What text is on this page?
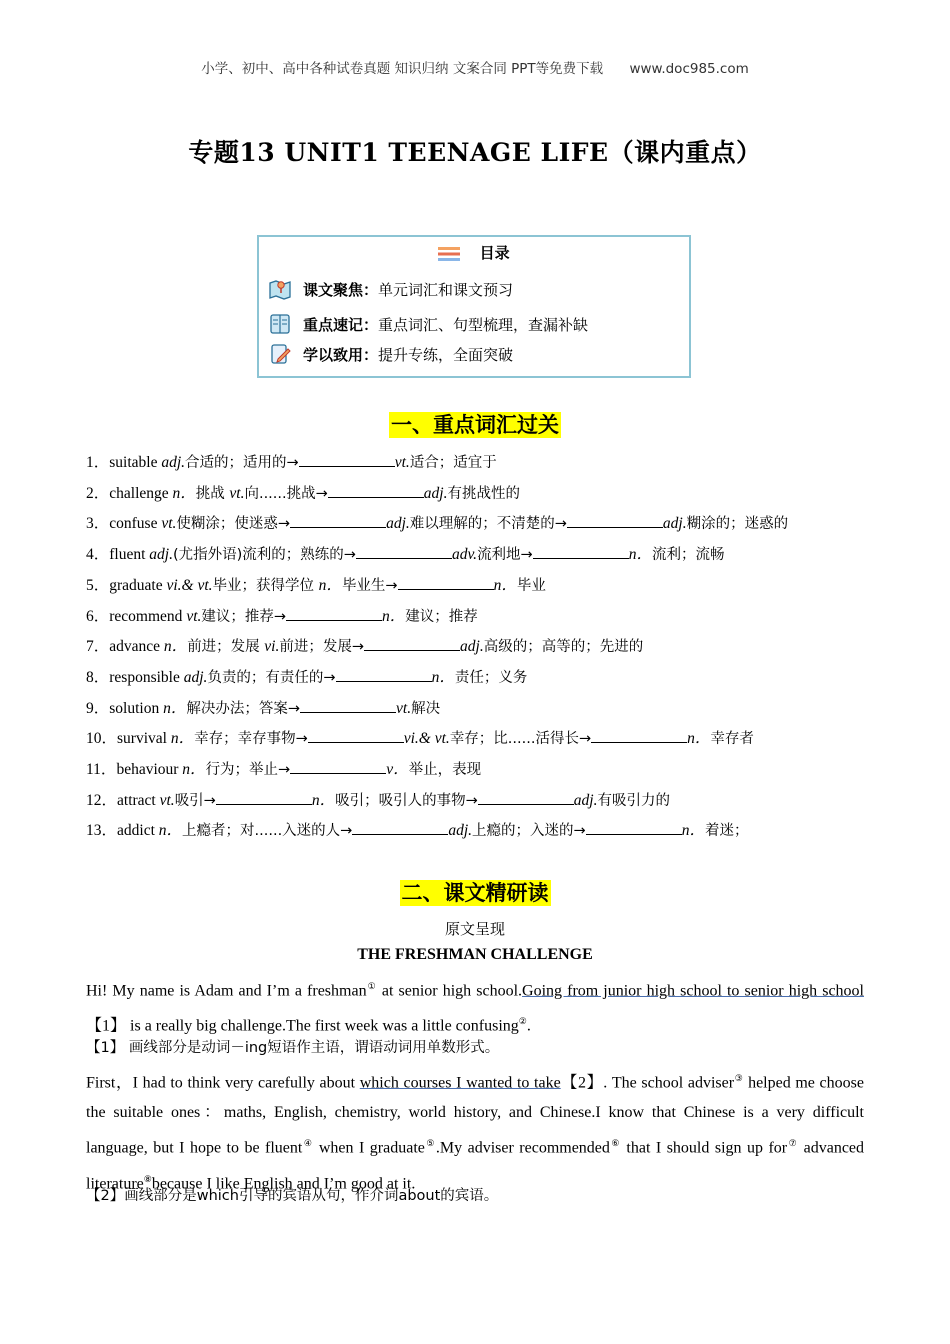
小学、初中、高中各种试卷真题 知识归纳 文案合同 PPT等免费下载 www.doc985.com
专题13 UNIT1 TEENAGE LIFE（课内重点）
目录
课文聚焦： 单元词汇和课文预习
重点速记： 重点词汇、句型梳理，查漏补缺
学以致用： 提升专练，全面突破
一、重点词汇过关
1．suitable adj.合适的；适用的→	vt.适合；适宜于
2．challenge n．挑战 vt.向......挑战→	adj.有挑战性的
3．confuse vt.使糊涂；使迷惑→	adj.难以理解的；不清楚的→	adj.糊涂的；迷惑的
4．fluent adj.(尤指外语)流利的；熟练的→	adv.流利地→	n．流利；流畅
5．graduate vi.& vt.毕业；获得学位 n．毕业生→	n．毕业
6．recommend vt.建议；推荐→	n．建议；推荐
7．advance n．前进；发展 vi.前进；发展→	adj.高级的；高等的；先进的
8．responsible adj.负责的；有责任的→	n．责任；义务
9．solution n．解决办法；答案→	vt.解决
10．survival n．幸存；幸存事物→	vi.& vt.幸存；比......活得长→	n．幸存者
11．behaviour n．行为；举止→	v．举止，表现
12．attract vt.吸引→	n．吸引；吸引人的事物→	adj.有吸引力的
13．addict n．上瘾者；对......入迷的人→	adj.上瘾的；入迷的→	n．着迷；
二、课文精研读
原文呈现
THE FRESHMAN CHALLENGE
Hi! My name is Adam and I’m a freshman① at senior high school.Going from junior high school to senior high school【1】 is a really big challenge.The first week was a little confusing②.
【1】 画线部分是动词－ing短语作主语，谓语动词用单数形式。
First，I had to think very carefully about which courses I wanted to take【2】. The school adviser③ helped me choose the suitable ones：maths, English, chemistry, world history, and Chinese.I know that Chinese is a very difficult language, but I hope to be fluent④ when I graduate⑤.My adviser recommended⑥ that I should sign up for⑦ advanced literature⑧because I like English and I’m good at it.
【2】画线部分是which引导的宾语从句，作介词about的宾语。
